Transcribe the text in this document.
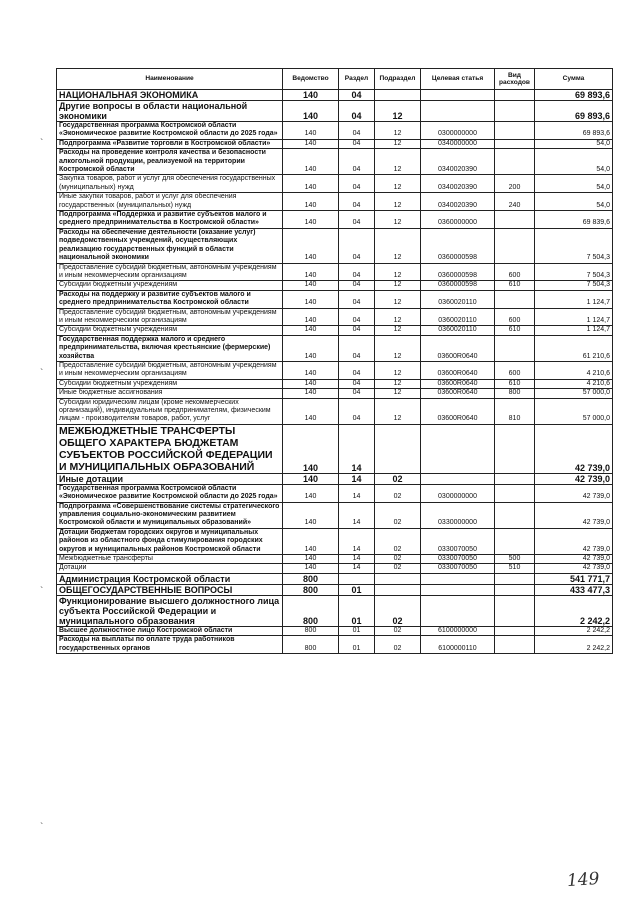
Наименование	Ведомство	Раздел	Подраздел	Целевая статья	Вид расходов	Сумма
НАЦИОНАЛЬНАЯ ЭКОНОМИКА	140	04				69 893,6
Другие вопросы в области национальной экономики	140	04	12			69 893,6
Государственная программа Костромской области «Экономическое развитие Костромской области до 2025 года»	140	04	12	0300000000		69 893,6
Подпрограмма «Развитие торговли в Костромской области»	140	04	12	0340000000		54,0
Расходы на проведение контроля качества и безопасности алкогольной продукции, реализуемой на территории Костромской области	140	04	12	0340020390		54,0
Закупка товаров, работ и услуг для обеспечения государственных (муниципальных) нужд	140	04	12	0340020390	200	54,0
Иные закупки товаров, работ и услуг для обеспечения государственных (муниципальных) нужд	140	04	12	0340020390	240	54,0
Подпрограмма «Поддержка и развитие субъектов малого и среднего предпринимательства в Костромской области»	140	04	12	0360000000		69 839,6
Расходы на обеспечение деятельности (оказание услуг) подведомственных учреждений, осуществляющих реализацию государственных функций в области национальной экономики	140	04	12	0360000598		7 504,3
Предоставление субсидий бюджетным, автономным учреждениям и иным некоммерческим организациям	140	04	12	0360000598	600	7 504,3
Субсидии бюджетным учреждениям	140	04	12	0360000598	610	7 504,3
Расходы на поддержку и развитие субъектов малого и среднего предпринимательства Костромской области	140	04	12	0360020110		1 124,7
Предоставление субсидий бюджетным, автономным учреждениям и иным некоммерческим организациям	140	04	12	0360020110	600	1 124,7
Субсидии бюджетным учреждениям	140	04	12	0360020110	610	1 124,7
Государственная поддержка малого и среднего предпринимательства, включая крестьянские (фермерские) хозяйства	140	04	12	03600R0640		61 210,6
Предоставление субсидий бюджетным, автономным учреждениям и иным некоммерческим организациям	140	04	12	03600R0640	600	4 210,6
Субсидии бюджетным учреждениям	140	04	12	03600R0640	610	4 210,6
Иные бюджетные ассигнования	140	04	12	03600R0640	800	57 000,0
Субсидии юридическим лицам (кроме некоммерческих организаций), индивидуальным предпринимателям, физическим лицам - производителям товаров, работ, услуг	140	04	12	03600R0640	810	57 000,0
МЕЖБЮДЖЕТНЫЕ ТРАНСФЕРТЫ ОБЩЕГО ХАРАКТЕРА БЮДЖЕТАМ СУБЪЕКТОВ РОССИЙСКОЙ ФЕДЕРАЦИИ И МУНИЦИПАЛЬНЫХ ОБРАЗОВАНИЙ	140	14				42 739,0
Иные дотации	140	14	02			42 739,0
Государственная программа Костромской области «Экономическое развитие Костромской области до 2025 года»	140	14	02	0300000000		42 739,0
Подпрограмма «Совершенствование системы стратегического управления социально-экономическим развитием Костромской области и муниципальных образований»	140	14	02	0330000000		42 739,0
Дотации бюджетам городских округов и муниципальных районов из областного фонда стимулирования городских округов и муниципальных районов Костромской области	140	14	02	0330070050		42 739,0
Межбюджетные трансферты	140	14	02	0330070050	500	42 739,0
Дотации	140	14	02	0330070050	510	42 739,0
Администрация Костромской области	800					541 771,7
ОБЩЕГОСУДАРСТВЕННЫЕ ВОПРОСЫ	800	01				433 477,3
Функционирование высшего должностного лица субъекта Российской Федерации и муниципального образования	800	01	02			2 242,2
Высшее должностное лицо Костромской области	800	01	02	6100000000		2 242,2
Расходы на выплаты по оплате труда работников государственных органов	800	01	02	6100000110		2 242,2
`
`
`
`
149
